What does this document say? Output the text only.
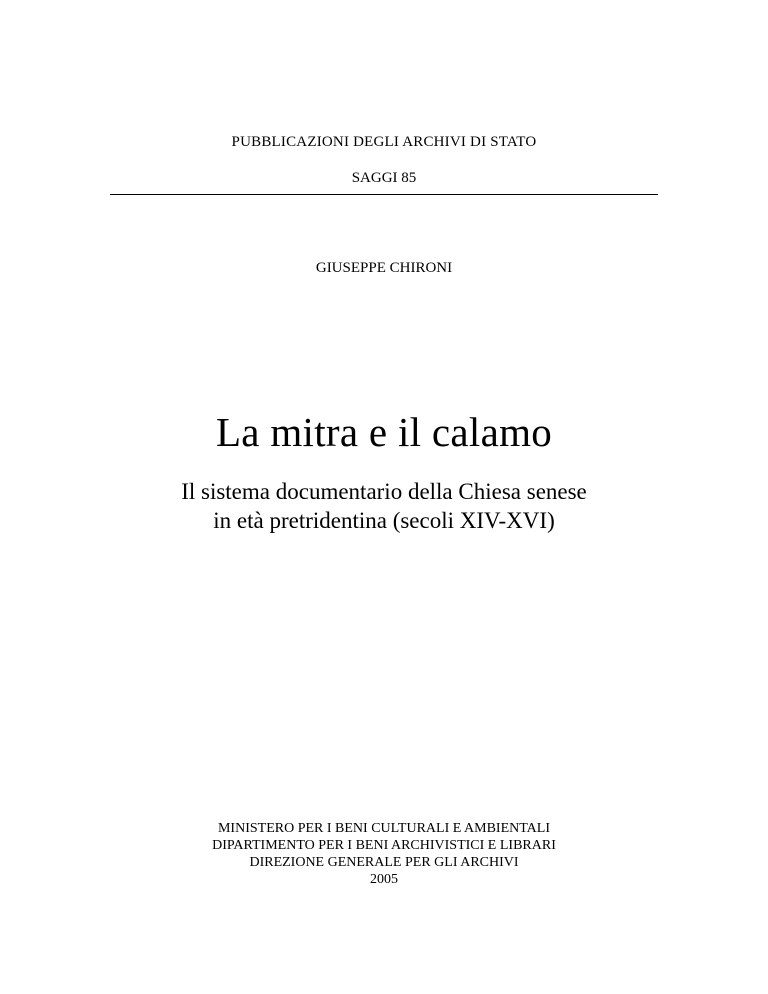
PUBBLICAZIONI DEGLI ARCHIVI DI STATO
SAGGI 85
GIUSEPPE CHIRONI
La mitra e il calamo
Il sistema documentario della Chiesa senese
in età pretridentina (secoli XIV-XVI)
MINISTERO PER I BENI CULTURALI E AMBIENTALI
DIPARTIMENTO PER I BENI ARCHIVISTICI E LIBRARI
DIREZIONE GENERALE PER GLI ARCHIVI
2005
